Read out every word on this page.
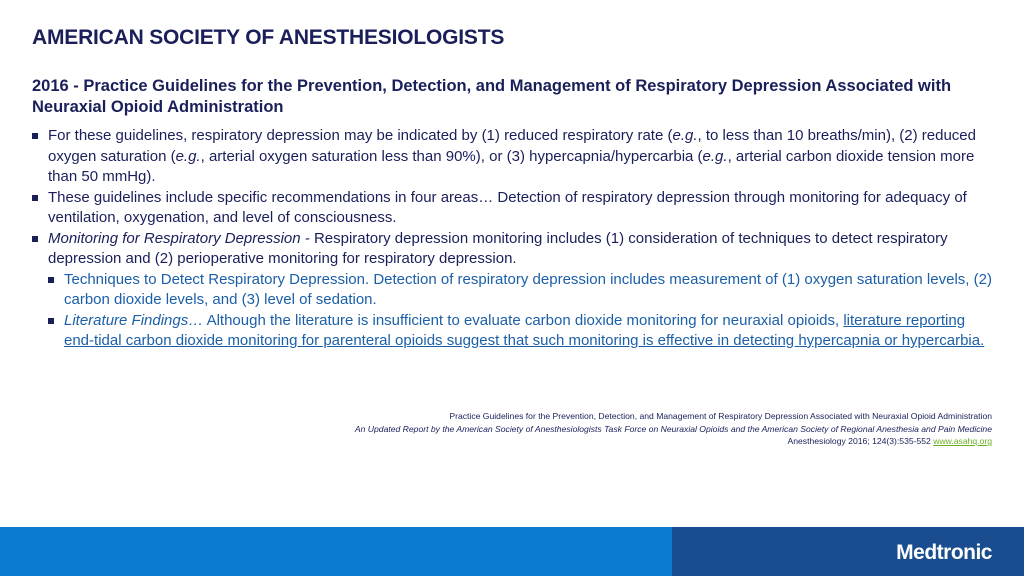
AMERICAN SOCIETY OF ANESTHESIOLOGISTS
2016 - Practice Guidelines for the Prevention, Detection, and Management of Respiratory Depression Associated with Neuraxial Opioid Administration
For these guidelines, respiratory depression may be indicated by (1) reduced respiratory rate (e.g., to less than 10 breaths/min), (2) reduced oxygen saturation (e.g., arterial oxygen saturation less than 90%), or (3) hypercapnia/hypercarbia (e.g., arterial carbon dioxide tension more than 50 mmHg).
These guidelines include specific recommendations in four areas… Detection of respiratory depression through monitoring for adequacy of ventilation, oxygenation, and level of consciousness.
Monitoring for Respiratory Depression - Respiratory depression monitoring includes (1) consideration of techniques to detect respiratory depression and (2) perioperative monitoring for respiratory depression.
Techniques to Detect Respiratory Depression. Detection of respiratory depression includes measurement of (1) oxygen saturation levels, (2) carbon dioxide levels, and (3) level of sedation.
Literature Findings… Although the literature is insufficient to evaluate carbon dioxide monitoring for neuraxial opioids, literature reporting end-tidal carbon dioxide monitoring for parenteral opioids suggest that such monitoring is effective in detecting hypercapnia or hypercarbia.
Practice Guidelines for the Prevention, Detection, and Management of Respiratory Depression Associated with Neuraxial Opioid Administration
An Updated Report by the American Society of Anesthesiologists Task Force on Neuraxial Opioids and the American Society of Regional Anesthesia and Pain Medicine
Anesthesiology 2016; 124(3):535-552 www.asahq.org
Medtronic
